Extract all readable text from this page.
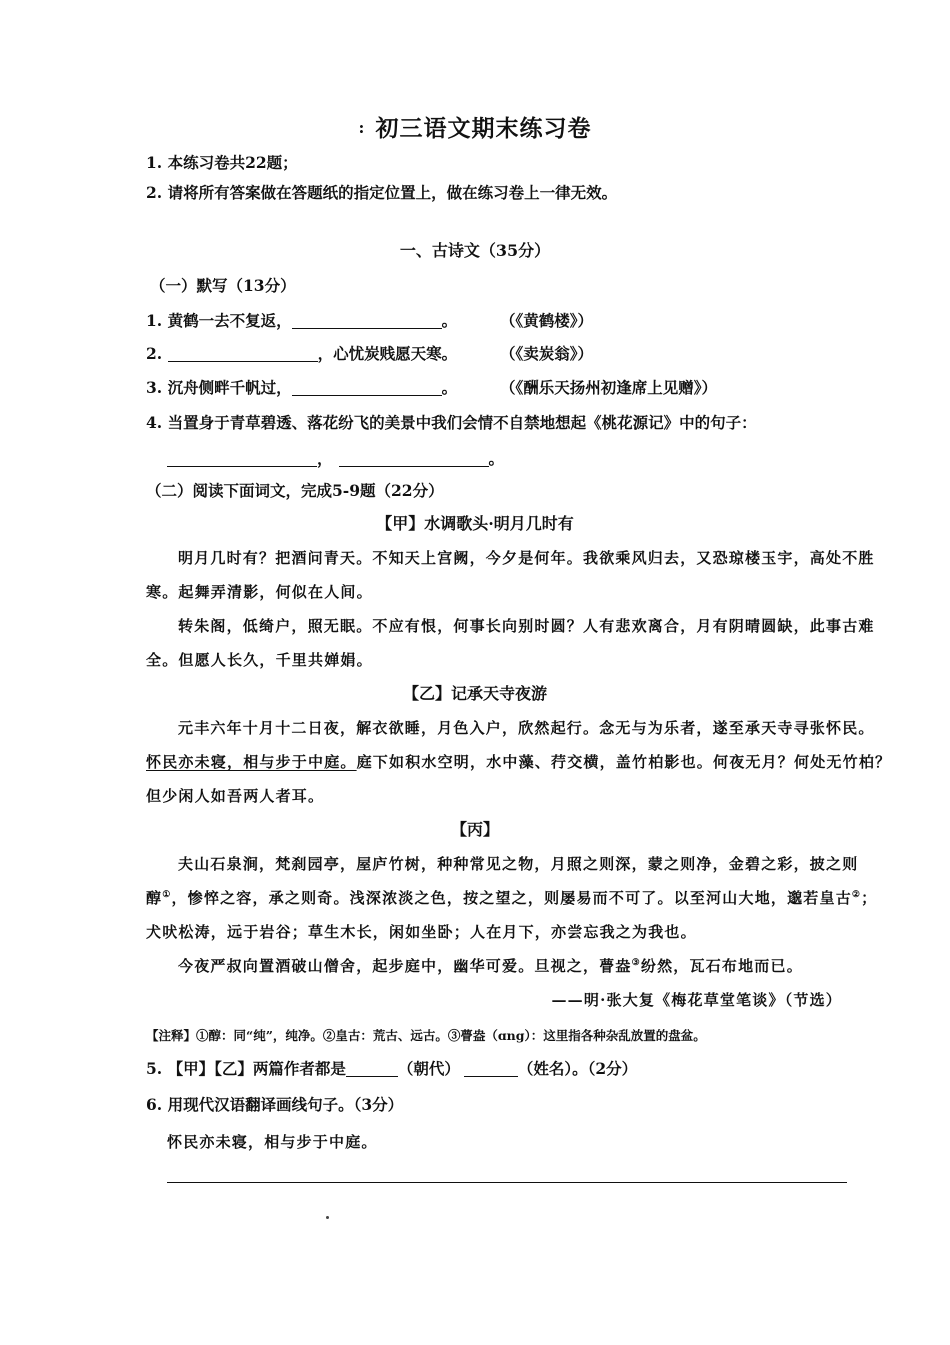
: 初三语文期末练习卷
1. 本练习卷共22题；
2. 请将所有答案做在答题纸的指定位置上，做在练习卷上一律无效。
一、古诗文（35分）
（一）默写（13分）
1. 黄鹤一去不复返，	。	（《黄鹤楼》）
2.	，心忧炭贱愿天寒。	（《卖炭翁》）
3. 沉舟侧畔千帆过，	。	（《酬乐天扬州初逢席上见赠》）
4. 当置身于青草碧透、落花纷飞的美景中我们会情不自禁地想起《桃花源记》中的句子：
，	。
（二）阅读下面词文，完成5-9题（22分）
【甲】水调歌头·明月几时有
明月几时有？把酒问青天。不知天上宫阙，今夕是何年。我欲乘风归去，又恐琼楼玉宇，高处不胜
寒。起舞弄清影，何似在人间。
转朱阁，低绮户，照无眠。不应有恨，何事长向别时圆？人有悲欢离合，月有阴晴圆缺，此事古难
全。但愿人长久，千里共婵娟。
【乙】记承天寺夜游
元丰六年十月十二日夜，解衣欲睡，月色入户，欣然起行。念无与为乐者，遂至承天寺寻张怀民。
怀民亦未寝，相与步于中庭。庭下如积水空明，水中藻、荇交横，盖竹柏影也。何夜无月？何处无竹柏？
但少闲人如吾两人者耳。
【丙】
夫山石泉涧，梵刹园亭，屋庐竹树，种种常见之物，月照之则深，蒙之则净，金碧之彩，披之则
醇①，惨悴之容，承之则奇。浅深浓淡之色，按之望之，则屡易而不可了。以至河山大地，邈若皇古②；
犬吠松涛，远于岩谷；草生木长，闲如坐卧；人在月下，亦尝忘我之为我也。
今夜严叔向置酒破山僧舍，起步庭中，幽华可爱。旦视之，瞢盎③纷然，瓦石布地而已。
——明·张大复《梅花草堂笔谈》（节选）
【注释】①醇：同“纯”，纯净。②皇古：荒古、远古。③瞢盎（ɑng）：这里指各种杂乱放置的盘盆。
5. 【甲】【乙】两篇作者都是	（朝代）	（姓名）。（2分）
6. 用现代汉语翻译画线句子。（3分）
怀民亦未寝，相与步于中庭。
